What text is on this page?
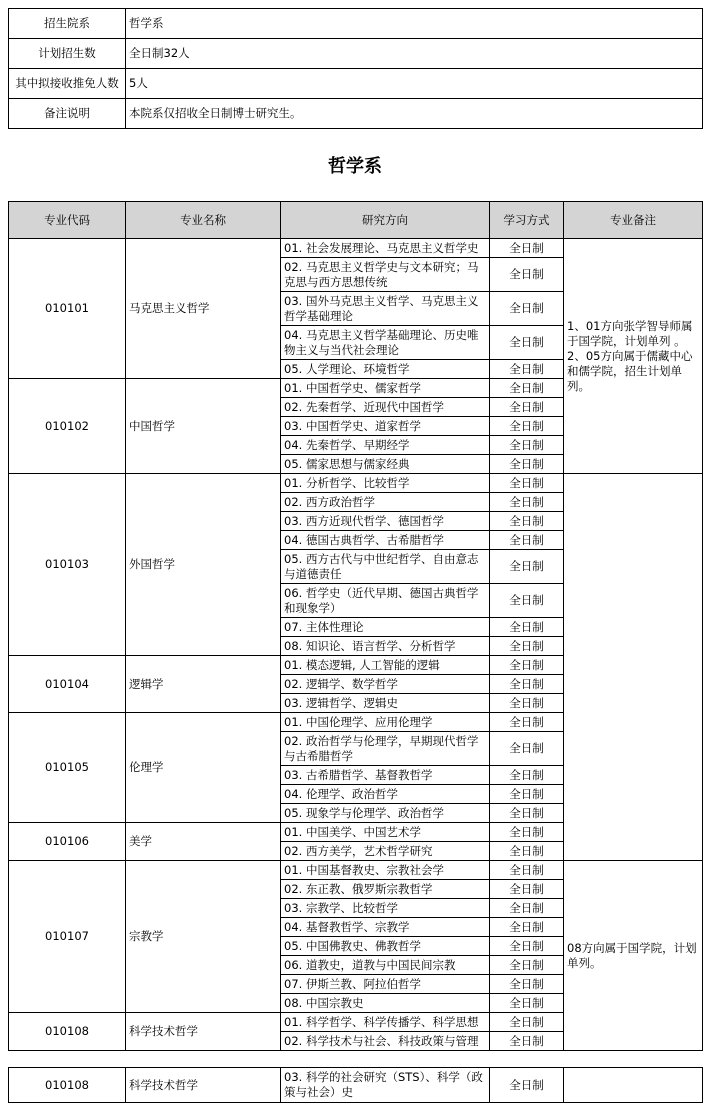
招生院系	哲学系
计划招生数	全日制32人
其中拟接收推免人数	5人
备注说明	本院系仅招收全日制博士研究生。
哲学系
专业代码	专业名称	研究方向	学习方式	专业备注
010101	马克思主义哲学	01. 社会发展理论、马克思主义哲学史	全日制	1、01方向张学智导师属于国学院，计划单列 。
2、05方向属于儒藏中心和儒学院，招生计划单列。
		02. 马克思主义哲学史与文本研究；马克思与西方思想传统	全日制	
		03. 国外马克思主义哲学、马克思主义哲学基础理论	全日制	
		04. 马克思主义哲学基础理论、历史唯物主义与当代社会理论	全日制	
		05. 人学理论、环境哲学	全日制	
010102	中国哲学	01. 中国哲学史、儒家哲学	全日制	
		02. 先秦哲学、近现代中国哲学	全日制	
		03. 中国哲学史、道家哲学	全日制	
		04. 先秦哲学、早期经学	全日制	
		05. 儒家思想与儒家经典	全日制	
010103	外国哲学	01. 分析哲学、比较哲学	全日制	
		02. 西方政治哲学	全日制	
		03. 西方近现代哲学、德国哲学	全日制	
		04. 德国古典哲学、古希腊哲学	全日制	
		05. 西方古代与中世纪哲学、自由意志与道德责任	全日制	
		06. 哲学史（近代早期、德国古典哲学和现象学）	全日制	
		07. 主体性理论	全日制	
		08. 知识论、语言哲学、分析哲学	全日制	
010104	逻辑学	01. 模态逻辑, 人工智能的逻辑	全日制	
		02. 逻辑学、数学哲学	全日制	
		03. 逻辑哲学、逻辑史	全日制	
010105	伦理学	01. 中国伦理学、应用伦理学	全日制	
		02. 政治哲学与伦理学，早期现代哲学与古希腊哲学	全日制	
		03. 古希腊哲学、基督教哲学	全日制	
		04. 伦理学、政治哲学	全日制	
		05. 现象学与伦理学、政治哲学	全日制	
010106	美学	01. 中国美学、中国艺术学	全日制	
		02. 西方美学，艺术哲学研究	全日制	
010107	宗教学	01. 中国基督教史、宗教社会学	全日制	08方向属于国学院，计划单列。
		02. 东正教、俄罗斯宗教哲学	全日制	
		03. 宗教学、比较哲学	全日制	
		04. 基督教哲学、宗教学	全日制	
		05. 中国佛教史、佛教哲学	全日制	
		06. 道教史，道教与中国民间宗教	全日制	
		07. 伊斯兰教、阿拉伯哲学	全日制	
		08. 中国宗教史	全日制	
010108	科学技术哲学	01. 科学哲学、科学传播学、科学思想	全日制	
		02. 科学技术与社会、科技政策与管理	全日制	
010108	科学技术哲学	03. 科学的社会研究（STS）、科学（政策与社会）史	全日制	
